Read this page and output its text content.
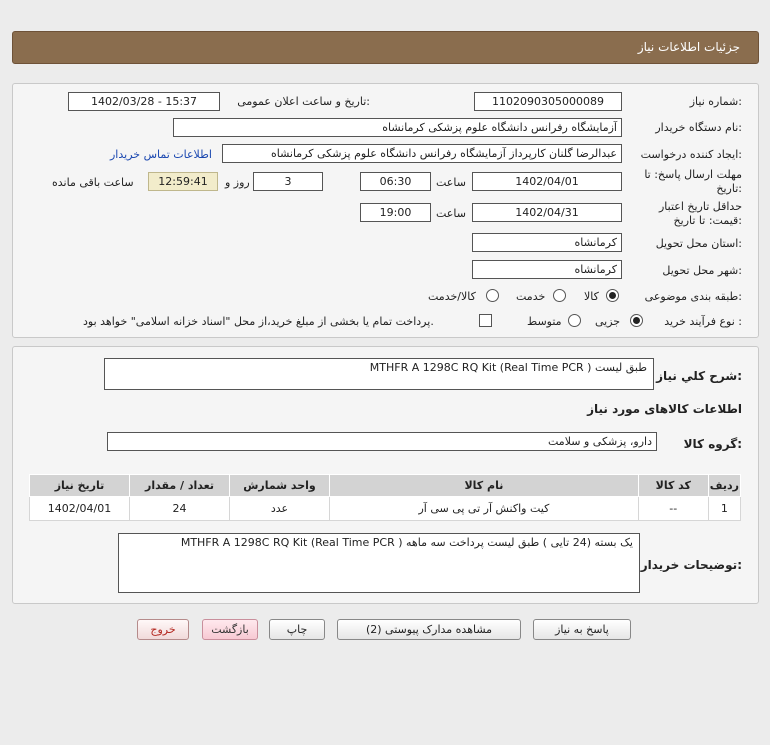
جزئیات اطلاعات نیاز
شماره نیاز:
1102090305000089
تاریخ و ساعت اعلان عمومی:
1402/03/28 - 15:37
نام دستگاه خریدار:
آزمایشگاه رفرانس دانشگاه علوم پزشکی کرمانشاه
ایجاد کننده درخواست:
عبدالرضا گلنان کارپرداز آزمایشگاه رفرانس دانشگاه علوم پزشکی کرمانشاه
اطلاعات تماس خریدار
مهلت ارسال پاسخ: تا
تاریخ:
1402/04/01
ساعت
06:30
3
روز و
12:59:41
ساعت باقی مانده
حداقل تاریخ اعتبار
قیمت: تا تاریخ:
1402/04/31
ساعت
19:00
استان محل تحویل:
کرمانشاه
شهر محل تحویل:
کرمانشاه
طبقه بندی موضوعی:
کالا
خدمت
کالا/خدمت
نوع فرآیند خرید :
جزیی
متوسط
پرداخت تمام یا بخشی از مبلغ خرید،از محل "اسناد خزانه اسلامی" خواهد بود.
شرح کلي نياز:
MTHFR A 1298C RQ Kit (Real Time PCR ) طبق لیست
اطلاعات کالاهای مورد نیاز
گروه کالا:
دارو، پزشکی و سلامت
ردیف	کد کالا	نام کالا	واحد شمارش	تعداد / مقدار	تاریخ نیاز
1	--	کیت واکنش آر تی پی سی آر	عدد	24	1402/04/01
توضیحات خریدار:
MTHFR A 1298C RQ Kit (Real Time PCR ) یک بسته (24 تایی ) طبق لیست پرداخت سه ماهه
پاسخ به نیاز
مشاهده مدارک پیوستی (2)
چاپ
بازگشت
خروج
